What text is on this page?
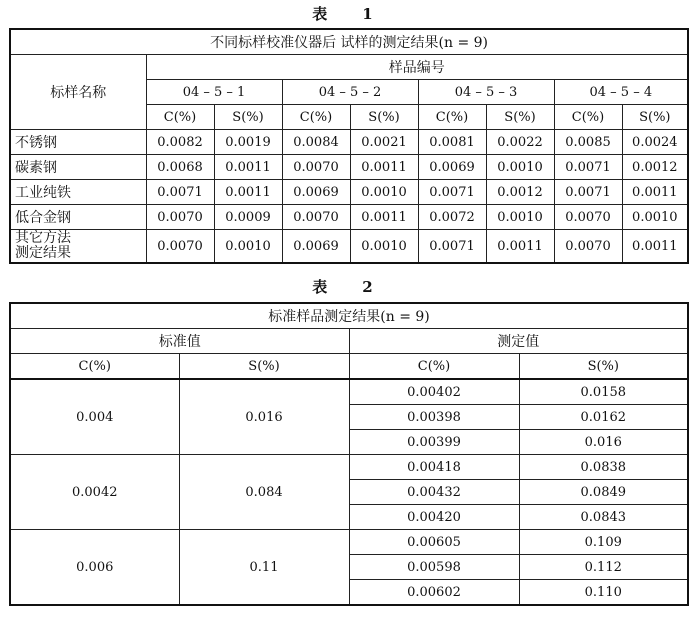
表　1
不同标样校准仪器后 试样的测定结果(n = 9)								
标样名称	样品编号							
	04 – 5 – 1		04 – 5 – 2		04 – 5 – 3		04 – 5 – 4	
	C(%)	S(%)	C(%)	S(%)	C(%)	S(%)	C(%)	S(%)
不锈钢	0.0082	0.0019	0.0084	0.0021	0.0081	0.0022	0.0085	0.0024
碳素钢	0.0068	0.0011	0.0070	0.0011	0.0069	0.0010	0.0071	0.0012
工业纯铁	0.0071	0.0011	0.0069	0.0010	0.0071	0.0012	0.0071	0.0011
低合金钢	0.0070	0.0009	0.0070	0.0011	0.0072	0.0010	0.0070	0.0010
其它方法
测定结果	0.0070	0.0010	0.0069	0.0010	0.0071	0.0011	0.0070	0.0011
表　2
标准样品测定结果(n = 9)			
标准值		测定值	
C(%)	S(%)	C(%)	S(%)
0.004	0.016	0.00402	0.0158
		0.00398	0.0162
		0.00399	0.016
0.0042	0.084	0.00418	0.0838
		0.00432	0.0849
		0.00420	0.0843
0.006	0.11	0.00605	0.109
		0.00598	0.112
		0.00602	0.110
